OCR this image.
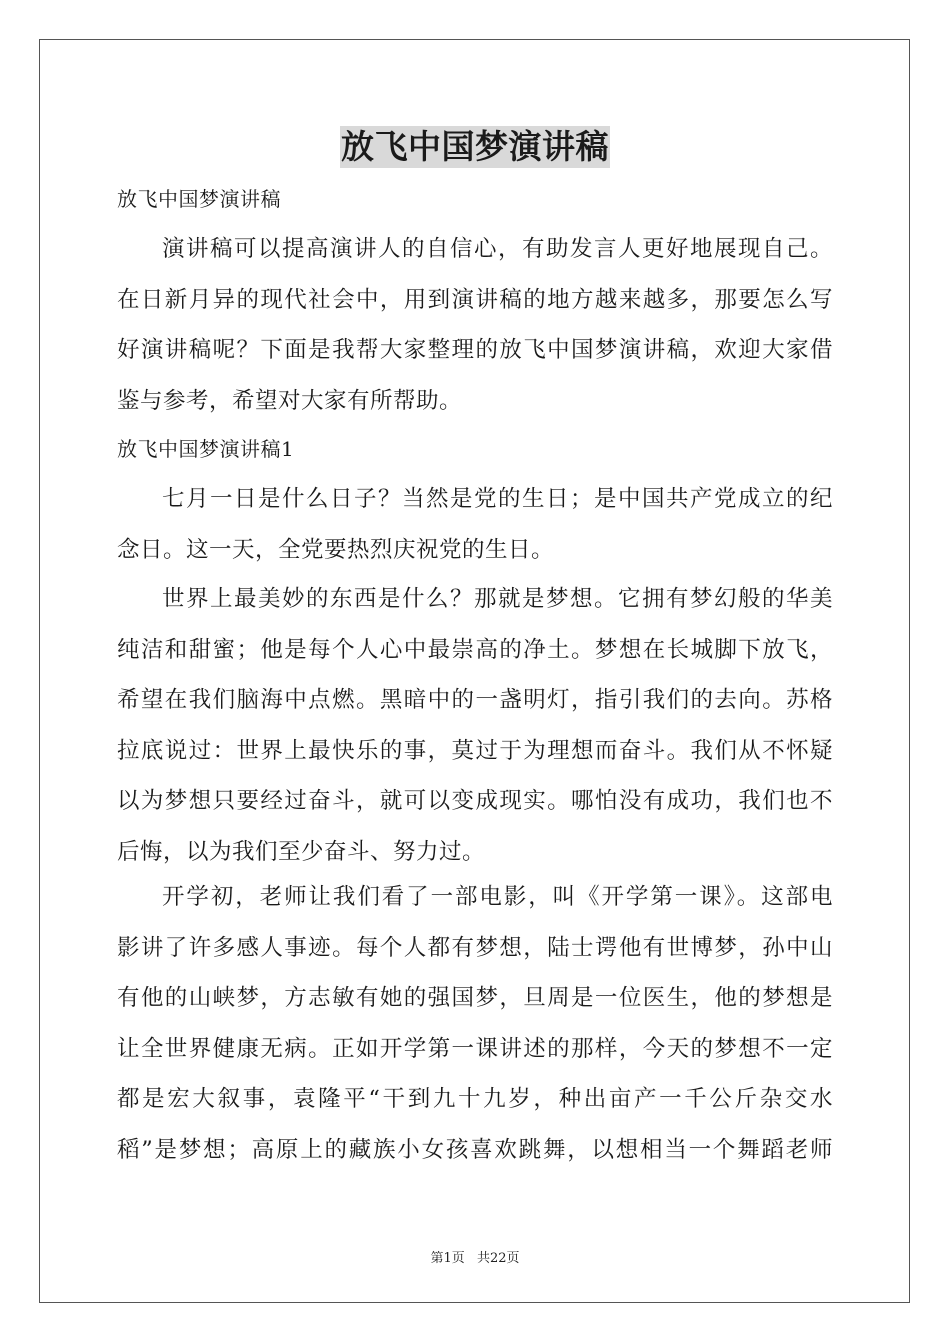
放飞中国梦演讲稿
放飞中国梦演讲稿
演讲稿可以提高演讲人的自信心，有助发言人更好地展现自己。
在日新月异的现代社会中，用到演讲稿的地方越来越多，那要怎么写
好演讲稿呢？下面是我帮大家整理的放飞中国梦演讲稿，欢迎大家借
鉴与参考，希望对大家有所帮助。
放飞中国梦演讲稿1
七月一日是什么日子？当然是党的生日；是中国共产党成立的纪
念日。这一天，全党要热烈庆祝党的生日。
世界上最美妙的东西是什么？那就是梦想。它拥有梦幻般的华美
纯洁和甜蜜；他是每个人心中最崇高的净土。梦想在长城脚下放飞，
希望在我们脑海中点燃。黑暗中的一盏明灯，指引我们的去向。苏格
拉底说过：世界上最快乐的事，莫过于为理想而奋斗。我们从不怀疑
以为梦想只要经过奋斗，就可以变成现实。哪怕没有成功，我们也不
后悔，以为我们至少奋斗、努力过。
开学初，老师让我们看了一部电影，叫《开学第一课》。这部电
影讲了许多感人事迹。每个人都有梦想，陆士谔他有世博梦，孙中山
有他的山峡梦，方志敏有她的强国梦，旦周是一位医生，他的梦想是
让全世界健康无病。正如开学第一课讲述的那样，今天的梦想不一定
都是宏大叙事，袁隆平“干到九十九岁，种出亩产一千公斤杂交水
稻”是梦想；高原上的藏族小女孩喜欢跳舞，以想相当一个舞蹈老师
第1页 共22页
